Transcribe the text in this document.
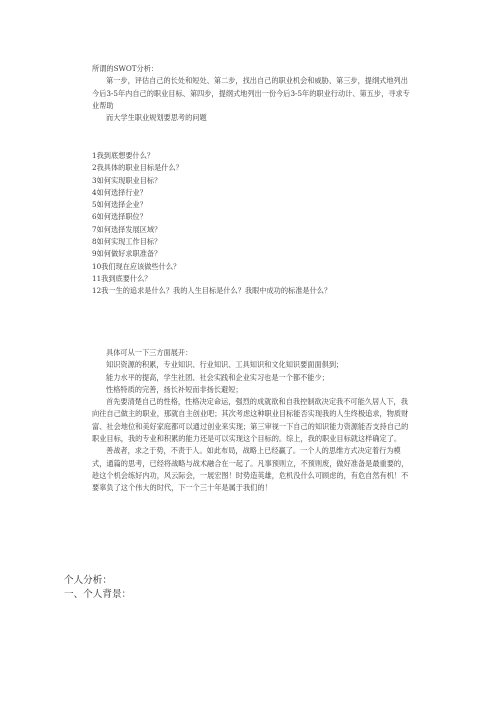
所谓的SWOT分析：

第一步，评估自己的长处和短处、第二步，找出自己的职业机会和威胁、第三步，提纲式地列出今后3-5年内自己的职业目标、第四步，提纲式地列出一份今后3-5年的职业行动计、第五步，寻求专业帮助

而大学生职业规划要思考的问题

1我到底想要什么？

2我具体的职业目标是什么？

3如何实现职业目标？

4如何选择行业？

5如何选择企业？

6如何选择职位？

7如何选择发展区域？

8如何实现工作目标？

9如何做好求职准备？

10我们现在应该做些什么？

11我到底要什么？

12我一生的追求是什么？我的人生目标是什么？我眼中成功的标准是什么？

具体可从一下三方面展开：

知识资源的积累，专业知识、行业知识、工具知识和文化知识要面面俱到；

能力水平的提高，学生社团、社会实践和企业实习也是一个都不能少；

性格特质的完善，扬长补短而非扬长避短；

首先要清楚自己的性格，性格决定命运，强烈的成就欲和自我控制欲决定我不可能久居人下，我向往自己做主的职业，那就自主创业吧；其次考虑这种职业目标能否实现我的人生终极追求，物质财富、社会地位和美好家庭都可以通过创业来实现；第三审视一下自己的知识能力资源能否支持自己的职业目标，我的专业和积累的能力还是可以实现这个目标的。综上，我的职业目标就这样确定了。

善战者，求之于势，不责于人。如此布局，战略上已经赢了。一个人的思维方式决定着行为模式，通篇的思考，已经将战略与战术融合在一起了。凡事预则立，不预则废，做好准备是最重要的，趁这个机会练好内功，风云际会，一展宏图！时势造英雄，危机没什么可顾虑的，有危自然有机！不要辜负了这个伟大的时代，下一个三十年是属于我们的！

个人分析：
一、个人背景：
